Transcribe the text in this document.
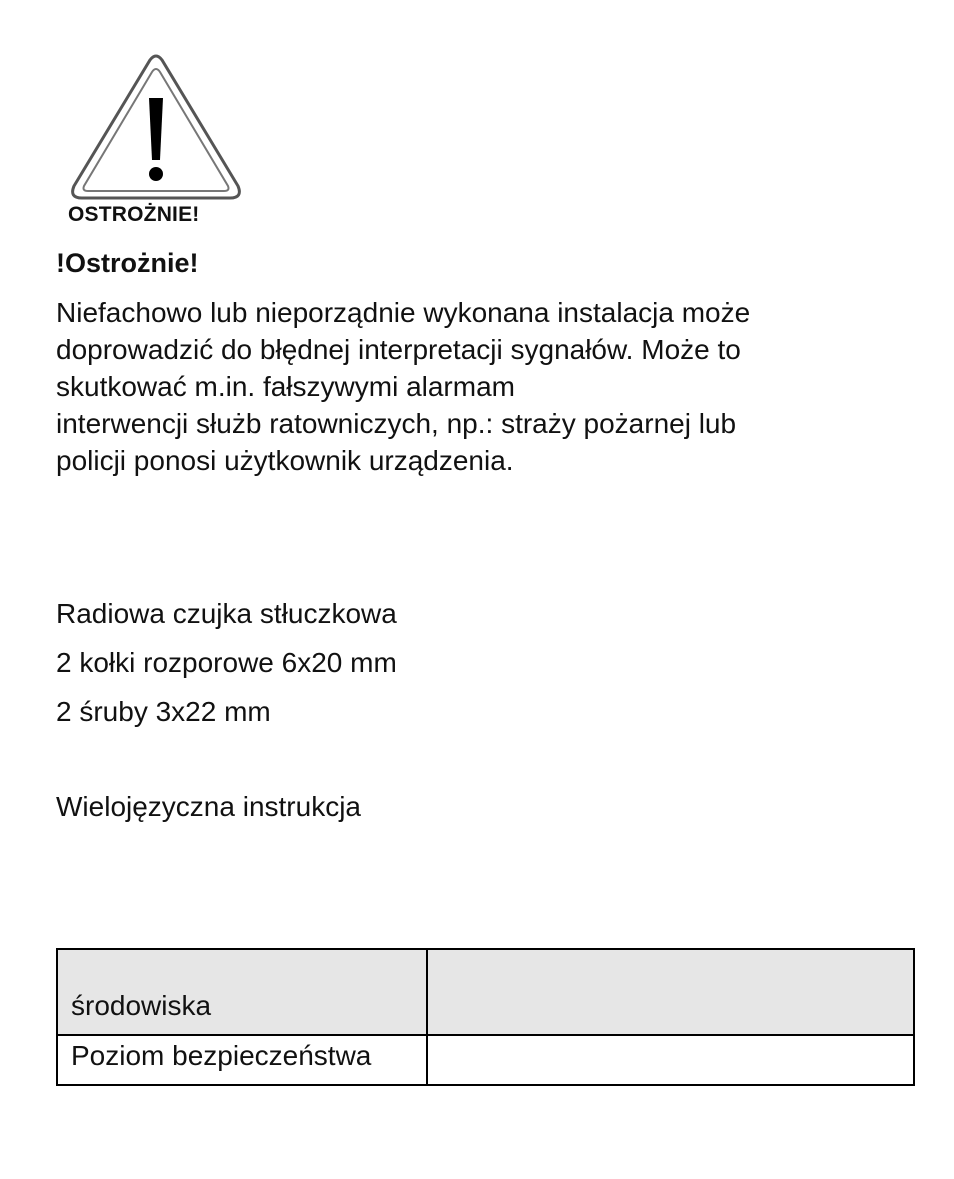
OSTROŻNIE!
!Ostrożnie!
Niefachowo lub nieporządnie wykonana instalacja może
doprowadzić do błędnej interpretacji sygnałów. Może to
skutkować m.in. fałszywymi alarmam
interwencji służb ratowniczych, np.: straży pożarnej lub
policji ponosi użytkownik urządzenia.
Radiowa czujka stłuczkowa
2 kołki rozporowe 6x20 mm
2 śruby 3x22 mm
Wielojęzyczna instrukcja
środowiska	
Poziom bezpieczeństwa	
